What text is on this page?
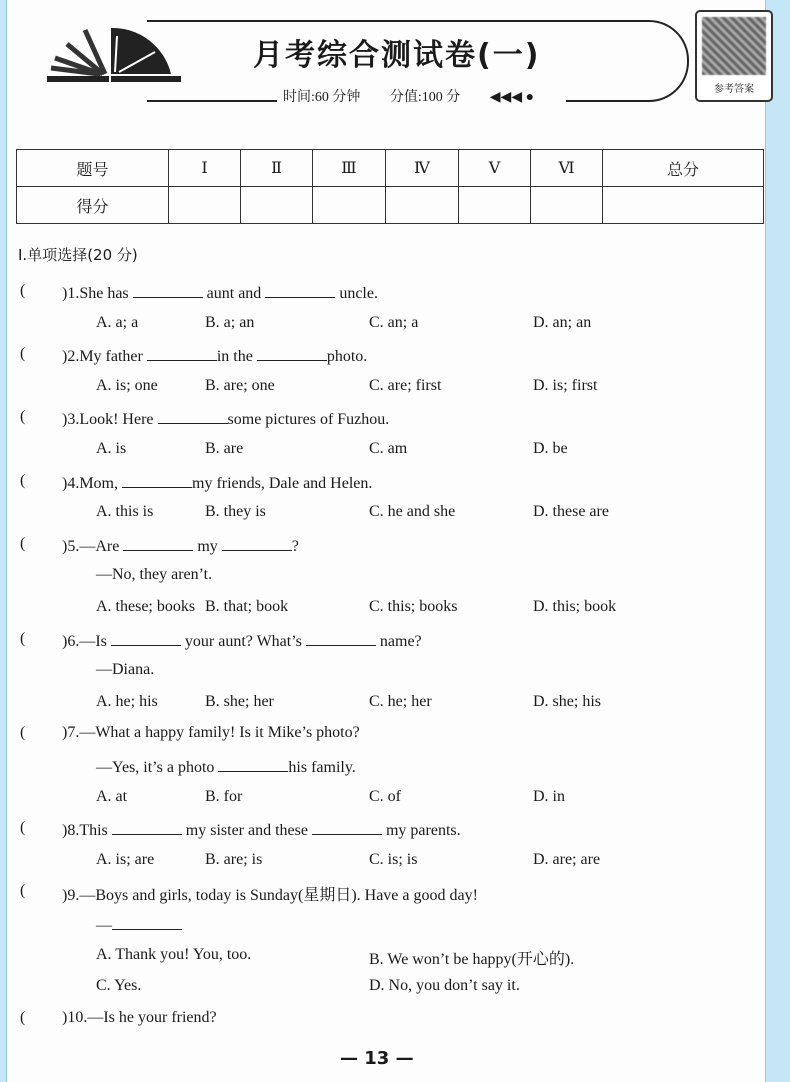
月考综合测试卷(一)
时间:60 分钟 分值:100 分 ◀◀◀ ●
参考答案
题号	Ⅰ	Ⅱ	Ⅲ	Ⅳ	Ⅴ	Ⅵ	总分
得分							
Ⅰ.单项选择(20 分)
( )1.She has	aunt and	uncle.
A. a; a	B. a; an	C. an; a	D. an; an
( )2.My father	in the	photo.
A. is; one	B. are; one	C. are; first	D. is; first
( )3.Look! Here	some pictures of Fuzhou.
A. is	B. are	C. am	D. be
( )4.Mom,	my friends, Dale and Helen.
A. this is	B. they is	C. he and she	D. these are
( )5.—Are	my	?
—No, they aren’t.
A. these; books B. that; book	C. this; books	D. this; book
( )6.—Is	your aunt? What’s	name?
—Diana.
A. he; his	B. she; her	C. he; her	D. she; his
( )7.—What a happy family! Is it Mike’s photo?
—Yes, it’s a photo	his family.
A. at	B. for	C. of	D. in
( )8.This	my sister and these	my parents.
A. is; are	B. are; is	C. is; is	D. are; are
( )9.—Boys and girls, today is Sunday(星期日). Have a good day!
—
A. Thank you! You, too.	B. We won’t be happy(开心的).
C. Yes.	D. No, you don’t say it.
( )10.—Is he your friend?
— 13 —
